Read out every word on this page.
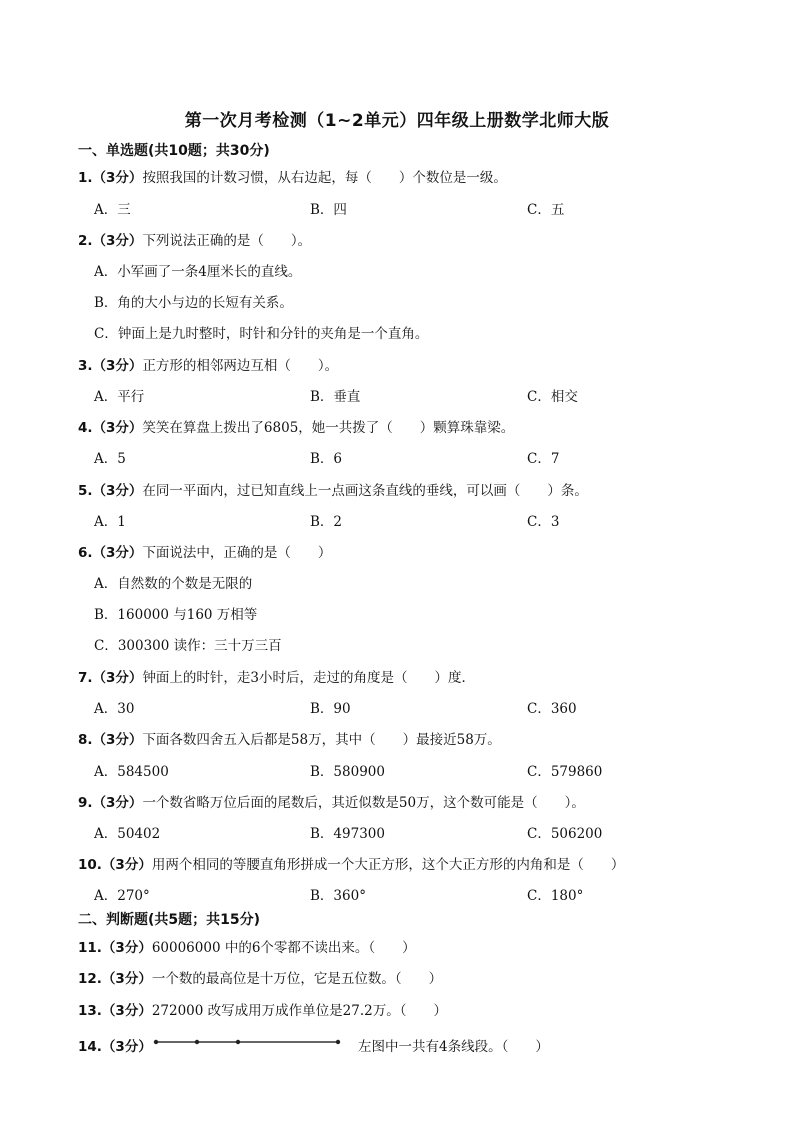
第一次月考检测（1~2单元）四年级上册数学北师大版
一、单选题(共10题；共30分)
1.（3分）按照我国的计数习惯，从右边起，每（　　）个数位是一级。
A．三	B．四	C．五
2.（3分）下列说法正确的是（　　）。
A．小军画了一条4厘米长的直线。
B．角的大小与边的长短有关系。
C．钟面上是九时整时，时针和分针的夹角是一个直角。
3.（3分）正方形的相邻两边互相（　　）。
A．平行	B．垂直	C．相交
4.（3分）笑笑在算盘上拨出了6805，她一共拨了（　　）颗算珠靠梁。
A．5	B．6	C．7
5.（3分）在同一平面内，过已知直线上一点画这条直线的垂线，可以画（　　）条。
A．1	B．2	C．3
6.（3分）下面说法中，正确的是（　　）
A．自然数的个数是无限的
B．160000 与160 万相等
C．300300 读作：三十万三百
7.（3分）钟面上的时针，走3小时后，走过的角度是（　　）度．
A．30	B．90	C．360
8.（3分）下面各数四舍五入后都是58万，其中（　　）最接近58万。
A．584500	B．580900	C．579860
9.（3分）一个数省略万位后面的尾数后，其近似数是50万，这个数可能是（　　）。
A．50402	B．497300	C．506200
10.（3分）用两个相同的等腰直角形拼成一个大正方形，这个大正方形的内角和是（　　）
A．270°	B．360°	C．180°
二、判断题(共5题；共15分)
11.（3分）60006000 中的6个零都不读出来。（　　）
12.（3分）一个数的最高位是十万位，它是五位数。（　　）
13.（3分）272000 改写成用万成作单位是27.2万。（　　）
14.（3分）	左图中一共有4条线段。（　　）
